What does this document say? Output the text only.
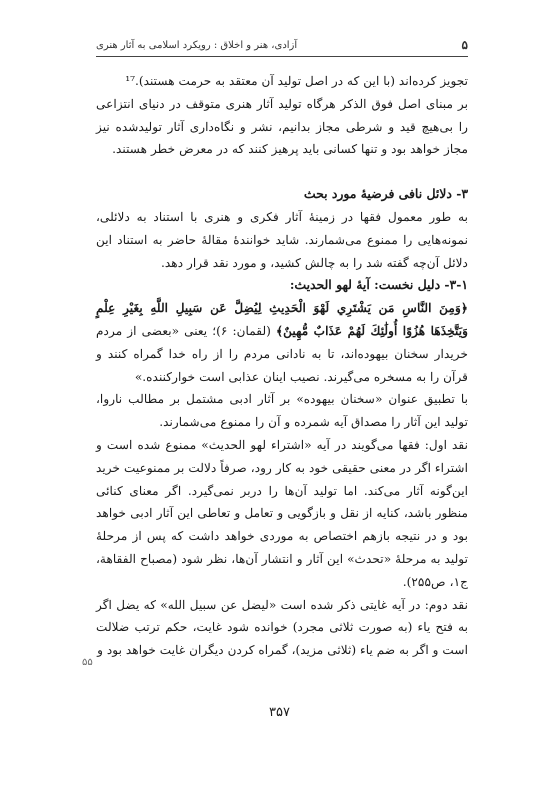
۵
آزادی، هنر و اخلاق : ﺭﻭﯾﮑﺮﺩ ﺍﺳﻼﻣﯽ ﺑﻪ ﺁﺛﺎﺭ ﻫﻨﺮی

تجویز کرده‌اند (با این که در اصل تولید آن معتقد به حرمت هستند).¹⁷

بر مبنای اصل فوق الذکر هرگاه تولید آثار هنری متوقف در دنیای انتزاعی را بی‌هیچ قید و شرطی مجاز بدانیم، نشر و نگاه‌داری آثار تولید‌شده نیز مجاز خواهد بود و تنها کسانی باید پرهیز کنند که در معرض خطر هستند.

۳- دلائل نافی فرضیهٔ مورد بحث

به طور معمول فقها در زمینهٔ آثار فکری و هنری با استناد به دلائلی، نمونه‌هایی را ممنوع می‌شمارند. شاید خوانندهٔ مقالهٔ حاضر به استناد این دلائل آن‌چه گفته شد را به چالش کشید، و مورد نقد قرار دهد.

۳-۱- دلیل نخست: آیهٔ لهو الحدیث:

﴿وَمِنَ النَّاسِ مَن يَشْتَرِي لَهْوَ الْحَدِيثِ لِيُضِلَّ عَن سَبِيلِ اللَّهِ بِغَيْرِ عِلْمٍ وَيَتَّخِذَهَا هُزُوًا أُولَٰئِكَ لَهُمْ عَذَابٌ مُّهِينٌ﴾ (لقمان: ۶)؛ یعنی «بعضی از مردم خریدار سخنان بیهوده‌اند، تا به نادانی مردم را از راه خدا گمراه کنند و قرآن را به مسخره می‌گیرند. نصیب اینان عذابی است خوارکننده.»

با تطبیق عنوان «سخنان بیهوده» بر آثار ادبی مشتمل بر مطالب ناروا، تولید این آثار را مصداق آیه شمرده و آن را ممنوع می‌شمارند.

نقد اول: فقها می‌گویند در آیه «اشتراء لهو الحدیث» ممنوع شده است و اشتراء اگر در معنی حقیقی خود به کار رود، صرفاً دلالت بر ممنوعیت خرید این‌گونه آثار می‌کند. اما تولید آن‌ها را دربر نمی‌گیرد. اگر معنای کنائی منظور باشد، کنایه از نقل و بازگویی و تعامل و تعاطی این آثار ادبی خواهد بود و در نتیجه بازهم اختصاص به موردی خواهد داشت که پس از مرحلهٔ تولید به مرحلهٔ «تحدث» این آثار و انتشار آن‌ها، نظر شود (مصباح الفقاهة، ج۱، ص۲۵۵).

نقد دوم: در آیه غایتی ذکر شده است «لیضل عن سبیل الله» که یضل اگر به فتح یاء (به صورت ثلاثی مجرد) خوانده شود غایت، حکم ترتب ضلالت است و اگر به ضم یاء (ثلاثی مزید)، گمراه کردن دیگران غایت خواهد بود و

۵۵
۳۵۷
